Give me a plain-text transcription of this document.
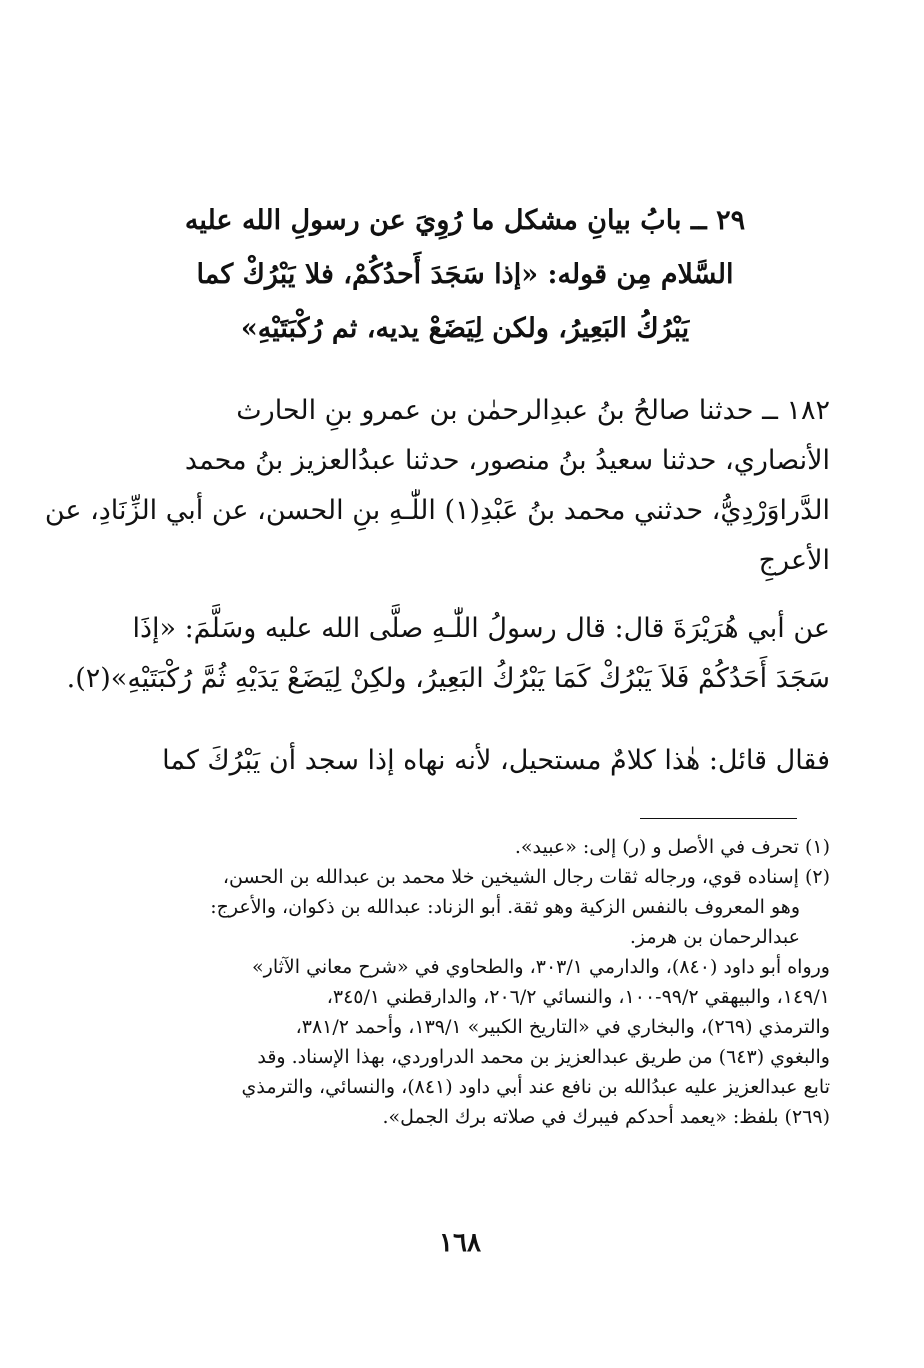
٢٩ ــ بابُ بيانِ مشكل ما رُوِيَ عن رسولِ الله عليه
السَّلام مِن قوله: «إذا سَجَدَ أَحدُكُمْ، فلا يَبْرُكْ كما
يَبْرُكُ البَعِيرُ، ولكن لِيَضَعْ يديه، ثم رُكْبَتَيْهِ»
١٨٢ ــ حدثنا صالحُ بنُ عبدِالرحمٰن بن عمرو بنِ الحارث
الأنصاري، حدثنا سعيدُ بنُ منصور، حدثنا عبدُالعزيز بنُ محمد
الدَّراوَرْدِيُّ، حدثني محمد بنُ عَبْدِ(١) اللّٰـهِ بنِ الحسن، عن أبي الزِّنَادِ، عن
الأعرجِ
عن أبي هُرَيْرَةَ قال: قال رسولُ اللّٰـهِ صلَّى الله عليه وسَلَّمَ: «إذَا
سَجَدَ أَحَدُكُمْ فَلاَ يَبْرُكْ كَمَا يَبْرُكُ البَعِيرُ، ولكِنْ لِيَضَعْ يَدَيْهِ ثُمَّ رُكْبَتَيْهِ»(٢).
فقال قائل: هٰذا كلامٌ مستحيل، لأنه نهاه إذا سجد أن يَبْرُكَ كما
(١) تحرف في الأصل و (ر) إلى: «عبيد».
(٢) إسناده قوي، ورجاله ثقات رجال الشيخين خلا محمد بن عبدالله بن الحسن،
وهو المعروف بالنفس الزكية وهو ثقة. أبو الزناد: عبدالله بن ذكوان، والأعرج:
عبدالرحمان بن هرمز.
ورواه أبو داود (٨٤٠)، والدارمي ٣٠٣/١، والطحاوي في «شرح معاني الآثار»
١٤٩/١، والبيهقي ٩٩/٢-١٠٠، والنسائي ٢٠٦/٢، والدارقطني ٣٤٥/١،
والترمذي (٢٦٩)، والبخاري في «التاريخ الكبير» ١٣٩/١، وأحمد ٣٨١/٢،
والبغوي (٦٤٣) من طريق عبدالعزيز بن محمد الدراوردي، بهذا الإسناد. وقد
تابع عبدالعزيز عليه عبدُالله بن نافع عند أبي داود (٨٤١)، والنسائي، والترمذي
(٢٦٩) بلفظ: «يعمد أحدكم فيبرك في صلاته برك الجمل».
١٦٨
